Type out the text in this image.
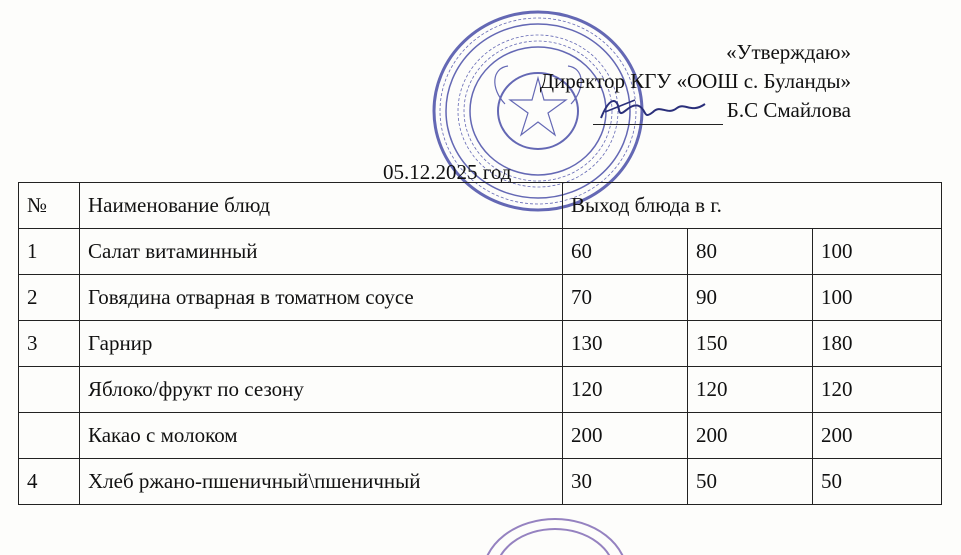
«Утверждаю»
Директор КГУ «ООШ с. Буланды»
Б.С Смайлова
05.12.2025 год
№	Наименование блюд	Выход блюда в г.		
1	Салат витаминный	60	80	100
2	Говядина отварная в томатном соусе	70	90	100
3	Гарнир	130	150	180
	Яблоко/фрукт по сезону	120	120	120
	Какао с молоком	200	200	200
4	Хлеб ржано-пшеничный\пшеничный	30	50	50
